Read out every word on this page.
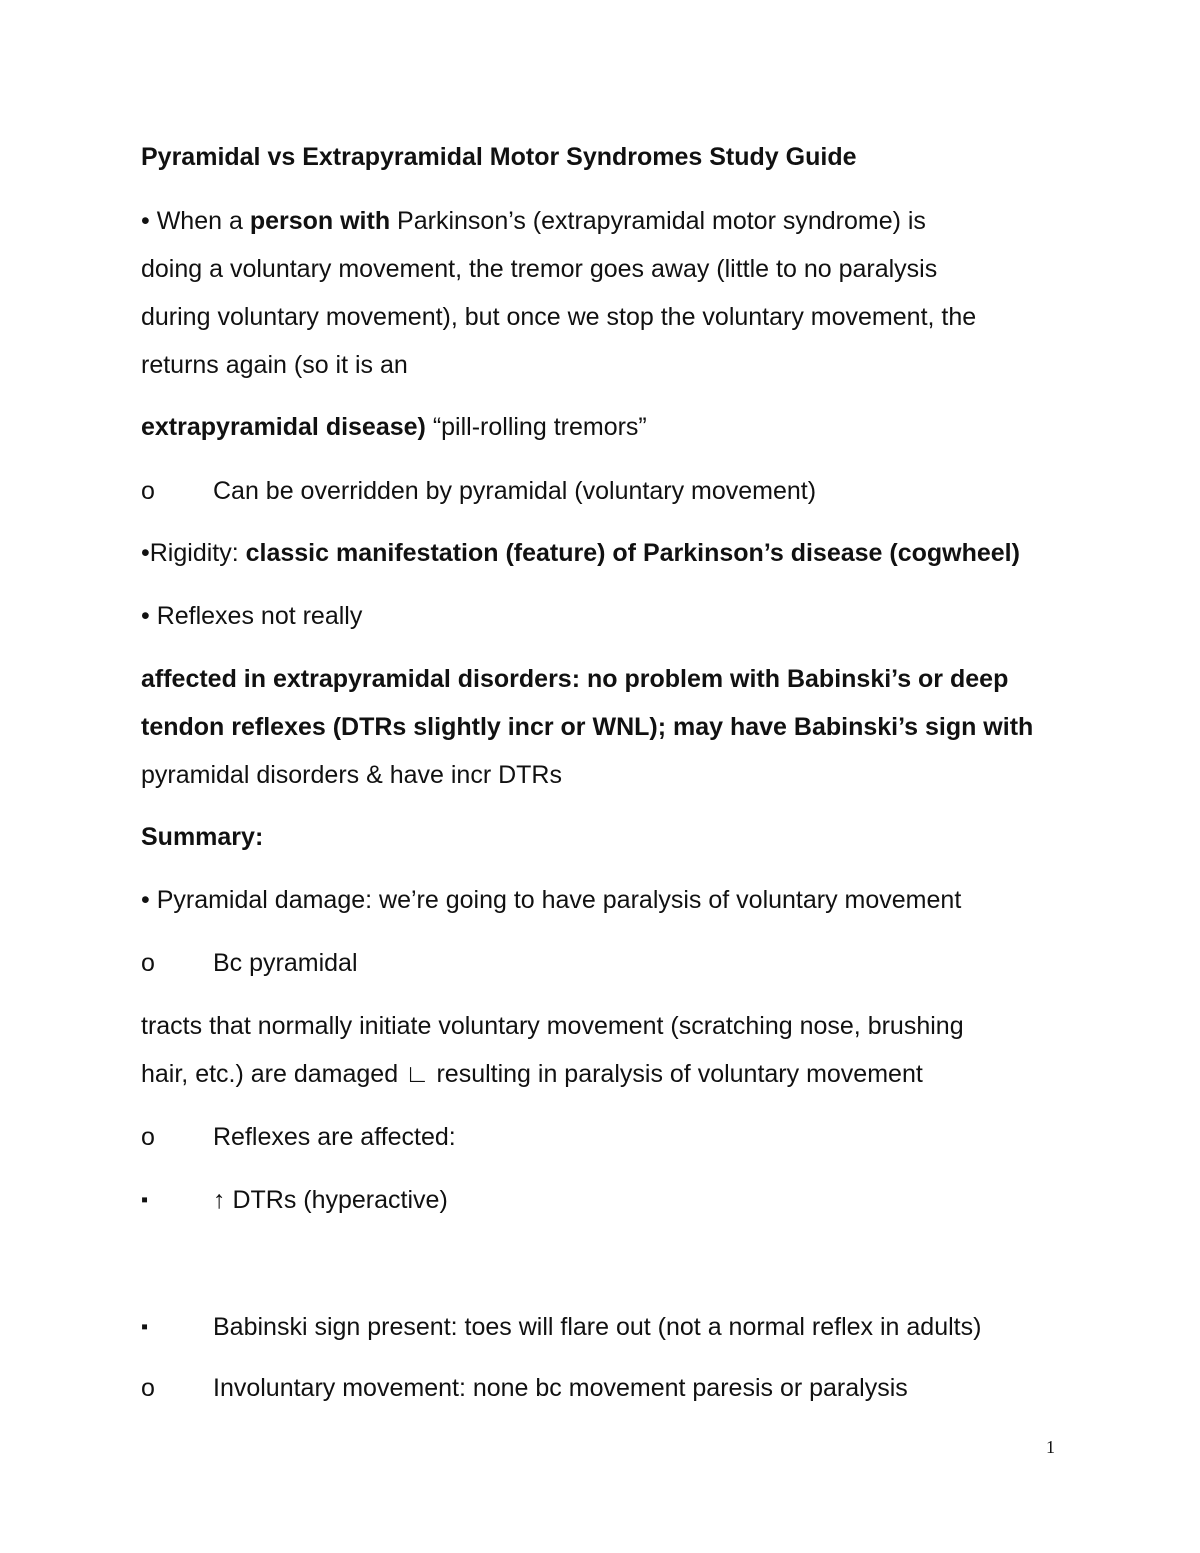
Pyramidal vs Extrapyramidal Motor Syndromes Study Guide
• When a person with Parkinson’s (extrapyramidal motor syndrome) is
doing a voluntary movement, the tremor goes away (little to no paralysis
during voluntary movement), but once we stop the voluntary movement, the
returns again (so it is an
extrapyramidal disease) “pill-rolling tremors”
o Can be overridden by pyramidal (voluntary movement)
•Rigidity: classic manifestation (feature) of Parkinson’s disease (cogwheel)
• Reflexes not really
affected in extrapyramidal disorders: no problem with Babinski’s or deep
tendon reflexes (DTRs slightly incr or WNL); may have Babinski’s sign with
pyramidal disorders & have incr DTRs
Summary:
• Pyramidal damage: we’re going to have paralysis of voluntary movement
o Bc pyramidal
tracts that normally initiate voluntary movement (scratching nose, brushing
hair, etc.) are damaged ∟ resulting in paralysis of voluntary movement
o Reflexes are affected:
▪	↑ DTRs (hyperactive)
▪	Babinski sign present: toes will flare out (not a normal reflex in adults)
o Involuntary movement: none bc movement paresis or paralysis
1
